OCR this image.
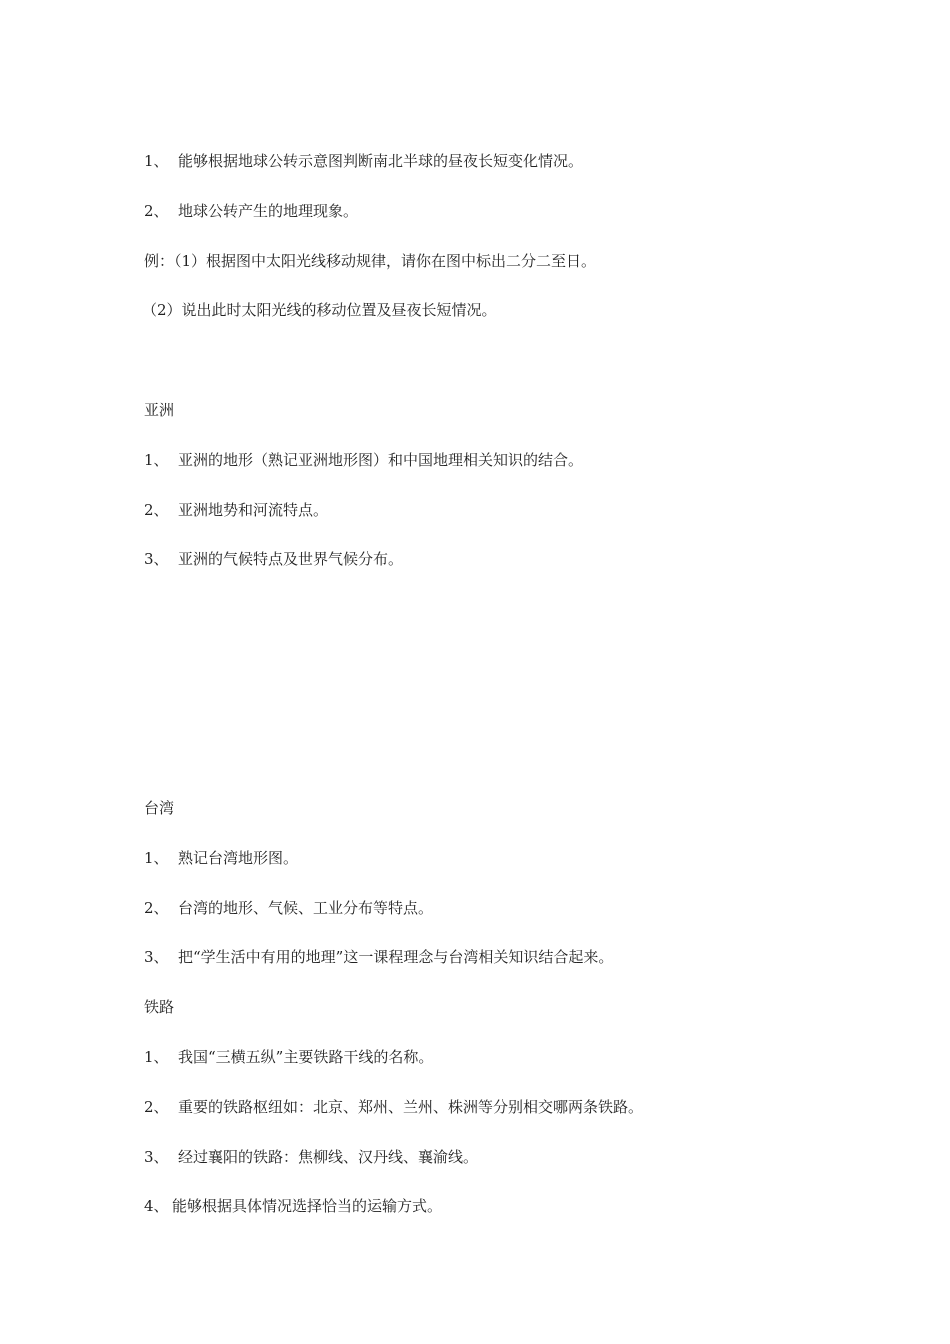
1、 能够根据地球公转示意图判断南北半球的昼夜长短变化情况。
2、 地球公转产生的地理现象。
例：（1）根据图中太阳光线移动规律，请你在图中标出二分二至日。
（2）说出此时太阳光线的移动位置及昼夜长短情况。
亚洲
1、 亚洲的地形（熟记亚洲地形图）和中国地理相关知识的结合。
2、 亚洲地势和河流特点。
3、 亚洲的气候特点及世界气候分布。
台湾
1、 熟记台湾地形图。
2、 台湾的地形、气候、工业分布等特点。
3、 把“学生活中有用的地理”这一课程理念与台湾相关知识结合起来。
铁路
1、 我国“三横五纵”主要铁路干线的名称。
2、 重要的铁路枢纽如：北京、郑州、兰州、株洲等分别相交哪两条铁路。
3、 经过襄阳的铁路：焦柳线、汉丹线、襄渝线。
4、 能够根据具体情况选择恰当的运输方式。
